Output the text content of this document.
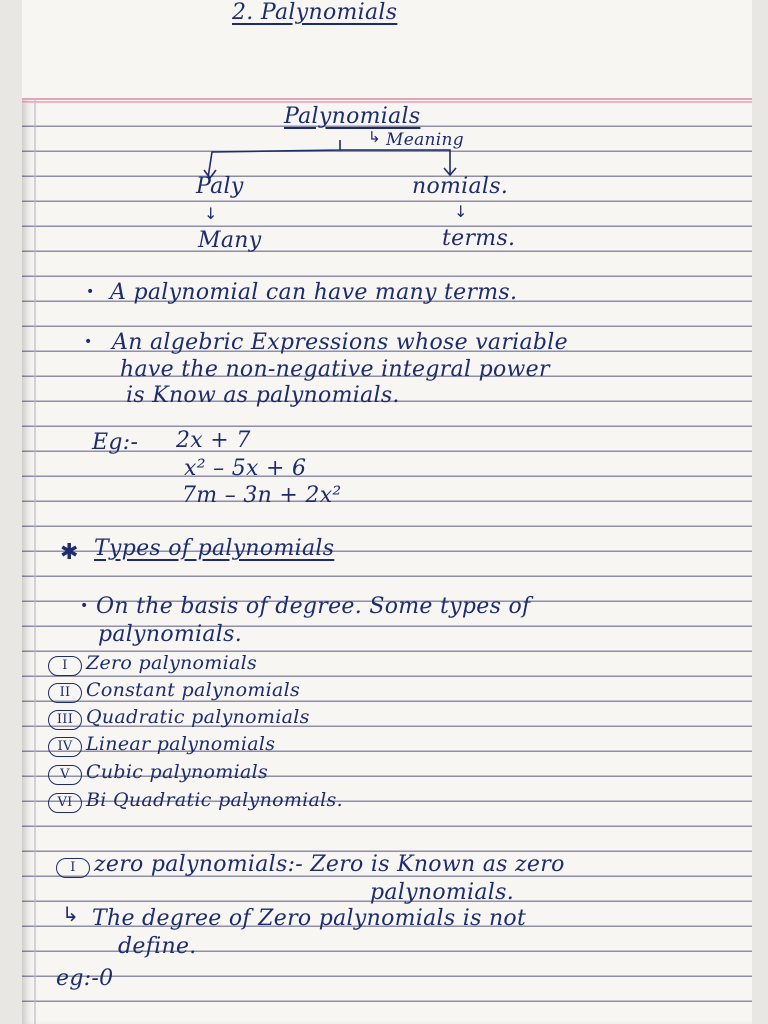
2. Palynomials

Palynomials

↳ Meaning

Paly	nomials.

↓	↓

Many	terms.

• A palynomial can have many terms.

• An algebric Expressions whose variable

have the non-negative integral power

is Know as palynomials.

Eg:- 2x + 7

x² – 5x + 6

7m – 3n + 2x²

✱ Types of palynomials

• On the basis of degree. Some types of

palynomials.

I Zero palynomials
II Constant palynomials
III Quadratic palynomials
IV Linear palynomials
V Cubic palynomials
VI Bi Quadratic palynomials.
I zero palynomials:- Zero is Known as zero

palynomials.

↳ The degree of Zero palynomials is not

define.

eg:-0
